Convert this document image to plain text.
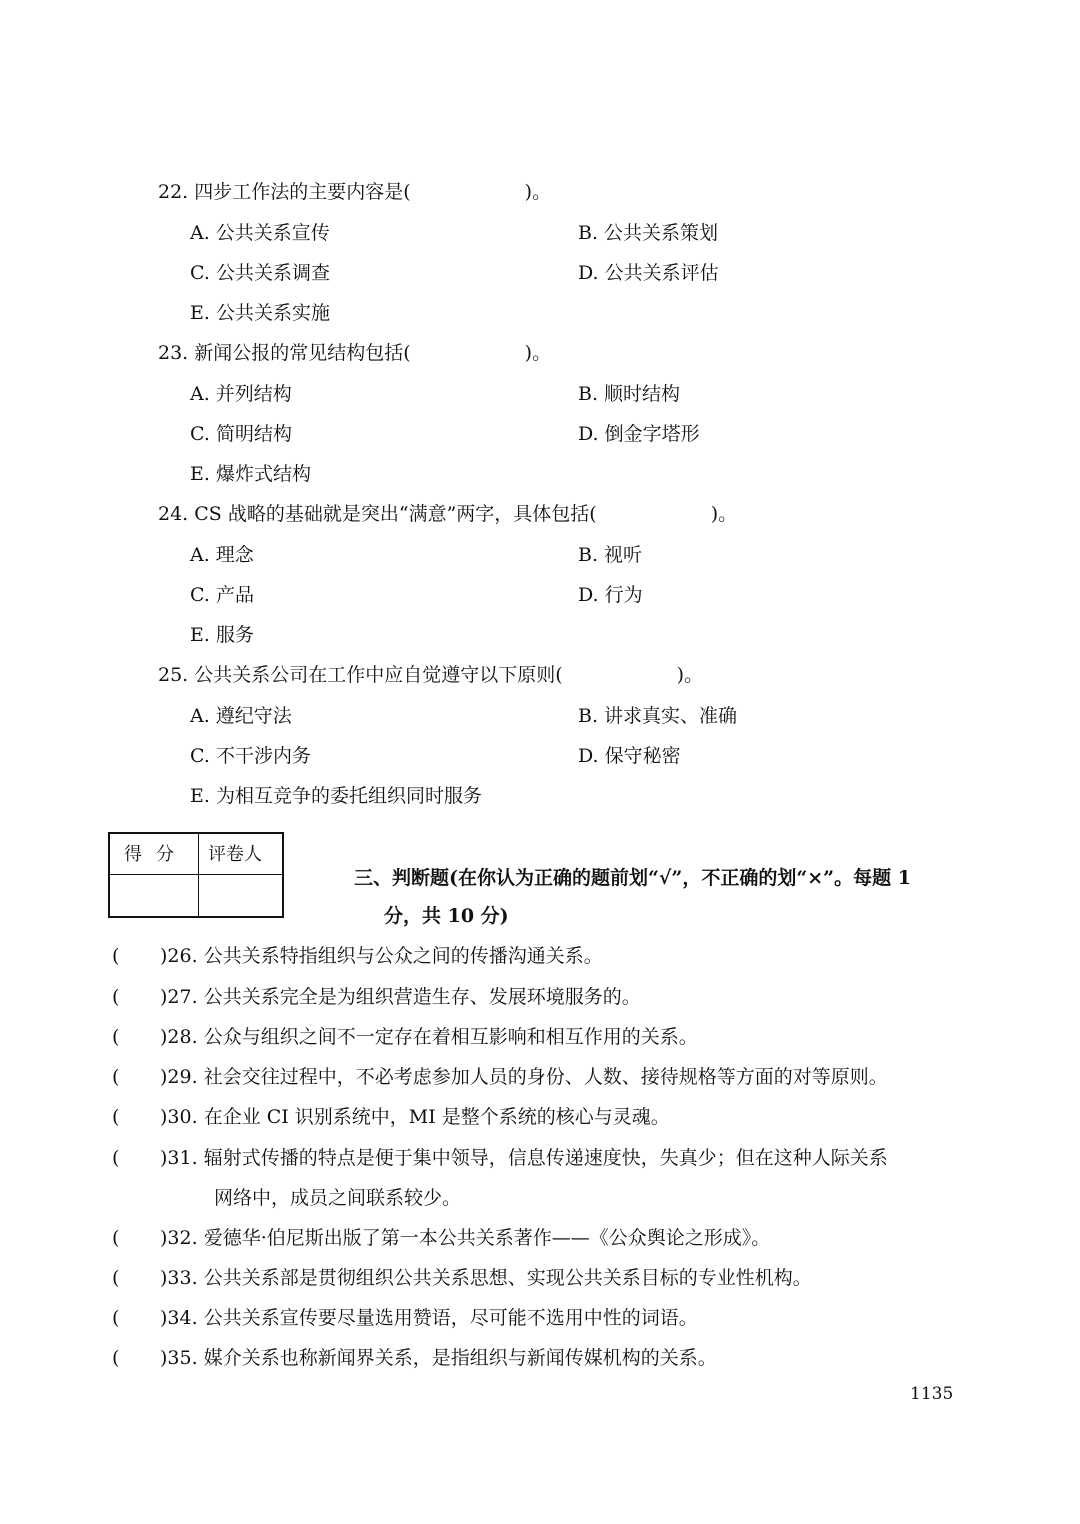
22. 四步工作法的主要内容是(　　　　　　)。
A. 公共关系宣传	B. 公共关系策划
C. 公共关系调查	D. 公共关系评估
E. 公共关系实施
23. 新闻公报的常见结构包括(　　　　　　)。
A. 并列结构	B. 顺时结构
C. 简明结构	D. 倒金字塔形
E. 爆炸式结构
24. CS 战略的基础就是突出“满意”两字，具体包括(　　　　　　)。
A. 理念	B. 视听
C. 产品	D. 行为
E. 服务
25. 公共关系公司在工作中应自觉遵守以下原则(　　　　　　)。
A. 遵纪守法	B. 讲求真实、准确
C. 不干涉内务	D. 保守秘密
E. 为相互竞争的委托组织同时服务
得分 评卷人
三、判断题(在你认为正确的题前划“√”，不正确的划“×”。每题 1
分，共 10 分)
( )26. 公共关系特指组织与公众之间的传播沟通关系。
( )27. 公共关系完全是为组织营造生存、发展环境服务的。
( )28. 公众与组织之间不一定存在着相互影响和相互作用的关系。
( )29. 社会交往过程中，不必考虑参加人员的身份、人数、接待规格等方面的对等原则。
( )30. 在企业 CI 识别系统中，MI 是整个系统的核心与灵魂。
( )31. 辐射式传播的特点是便于集中领导，信息传递速度快，失真少；但在这种人际关系
网络中，成员之间联系较少。
( )32. 爱德华·伯尼斯出版了第一本公共关系著作——《公众舆论之形成》。
( )33. 公共关系部是贯彻组织公共关系思想、实现公共关系目标的专业性机构。
( )34. 公共关系宣传要尽量选用赞语，尽可能不选用中性的词语。
( )35. 媒介关系也称新闻界关系，是指组织与新闻传媒机构的关系。
1135
